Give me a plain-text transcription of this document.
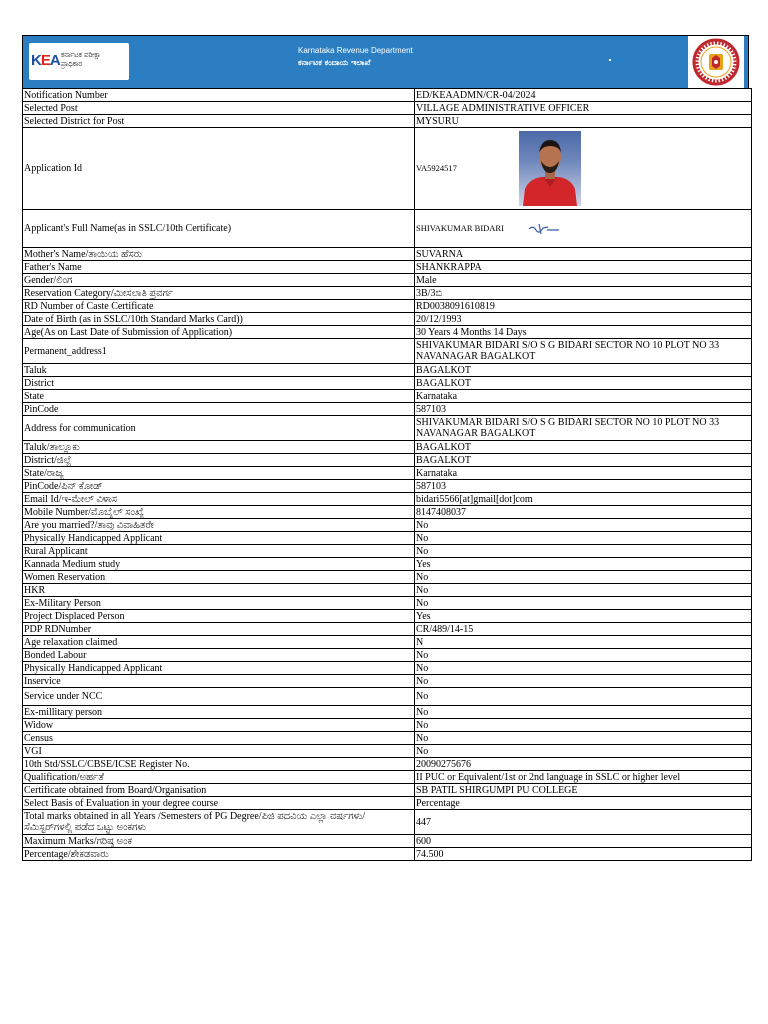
KEA ಕರ್ನಾಟಕ ಪರೀಕ್ಷಾ
ಪ್ರಾಧಿಕಾರ
Karnataka Revenue Department
ಕರ್ನಾಟಕ ಕಂದಾಯ ಇಲಾಖೆ
Notification Number	ED/KEAADMN/CR-04/2024
Selected Post	VILLAGE ADMINISTRATIVE OFFICER
Selected District for Post	MYSURU
Application Id	VA5924517

Applicant's Full Name(as in SSLC/10th Certificate)	SHIVAKUMAR BIDARI

Mother's Name/ತಾಯಿಯ ಹೆಸರು	SUVARNA
Father's Name	SHANKRAPPA
Gender/ಲಿಂಗ	Male
Reservation Category/ಮೀಸಲಾತಿ ಪ್ರವರ್ಗ	3B/3ಬಿ
RD Number of Caste Certificate	RD0038091610819
Date of Birth (as in SSLC/10th Standard Marks Card))	20/12/1993
Age(As on Last Date of Submission of Application)	30 Years 4 Months 14 Days
Permanent_address1	SHIVAKUMAR BIDARI S/O S G BIDARI SECTOR NO 10 PLOT NO 33 NAVANAGAR BAGALKOT
Taluk	BAGALKOT
District	BAGALKOT
State	Karnataka
PinCode	587103
Address for communication	SHIVAKUMAR BIDARI S/O S G BIDARI SECTOR NO 10 PLOT NO 33 NAVANAGAR BAGALKOT
Taluk/ತಾಲ್ಲೂಕು	BAGALKOT
District/ಜಿಲ್ಲೆ	BAGALKOT
State/ರಾಜ್ಯ	Karnataka
PinCode/ಪಿನ್ ಕೋಡ್	587103
Email Id/ಇ-ಮೇಲ್ ವಿಳಾಸ	bidari5566[at]gmail[dot]com
Mobile Number/ಮೊಬೈಲ್ ಸಂಖ್ಯೆ	8147408037
Are you married?/ತಾವು ವಿವಾಹಿತರೇ	No
Physically Handicapped Applicant	No
Rural Applicant	No
Kannada Medium study	Yes
Women Reservation	No
HKR	No
Ex-Military Person	No
Project Displaced Person	Yes
PDP RDNumber	CR/489/14-15
Age relaxation claimed	N
Bonded Labour	No
Physically Handicapped Applicant	No
Inservice	No
Service under NCC	No
Ex-millitary person	No
Widow	No
Census	No
VGI	No
10th Std/SSLC/CBSE/ICSE Register No.	20090275676
Qualification/ಅರ್ಹತೆ	II PUC or Equivalent/1st or 2nd language in SSLC or higher level
Certificate obtained from Board/Organisation	SB PATIL SHIRGUMPI PU COLLEGE
Select Basis of Evaluation in your degree course	Percentage
Total marks obtained in all Years /Semesters of PG Degree/ಪಿಜಿ ಪದವಿಯ ಎಲ್ಲಾ ವರ್ಷಗಳು/ಸೆಮಿಸ್ಟರ್‌ಗಳಲ್ಲಿ ಪಡೆದ ಒಟ್ಟು ಅಂಕಗಳು	447
Maximum Marks/ಗರಿಷ್ಠ ಅಂಕ	600
Percentage/ಶೇಕಡವಾರು	74.500
